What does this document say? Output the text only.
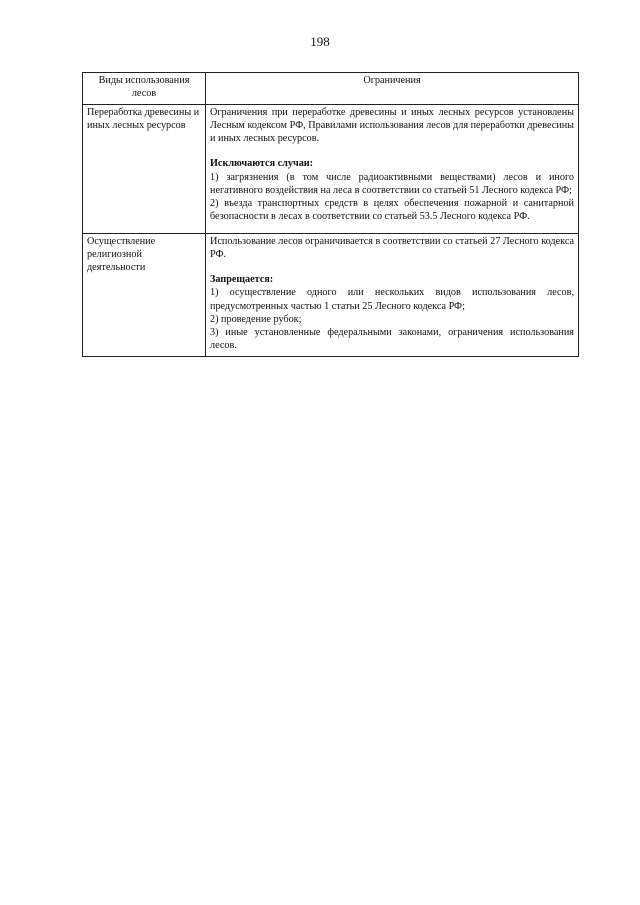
198
Виды использования лесов	Ограничения
Переработка древесины и иных лесных ресурсов	Ограничения при переработке древесины и иных лесных ресурсов установлены Лесным кодексом РФ, Правилами использования лесов для переработки древесины и иных лесных ресурсов.

Исключаются случаи:

1) загрязнения (в том числе радиоактивными веществами) лесов и иного негативного воздействия на леса в соответствии со статьей 51 Лесного кодекса РФ;

2) въезда транспортных средств в целях обеспечения пожарной и санитарной безопасности в лесах в соответствии со статьей 53.5 Лесного кодекса РФ.

Осуществление религиозной деятельности	Использование лесов ограничивается в соответствии со статьей 27 Лесного кодекса РФ.

Запрещается:

1) осуществление одного или нескольких видов использования лесов, предусмотренных частью 1 статьи 25 Лесного кодекса РФ;

2) проведение рубок;

3) иные установленные федеральными законами, ограничения использования лесов.
